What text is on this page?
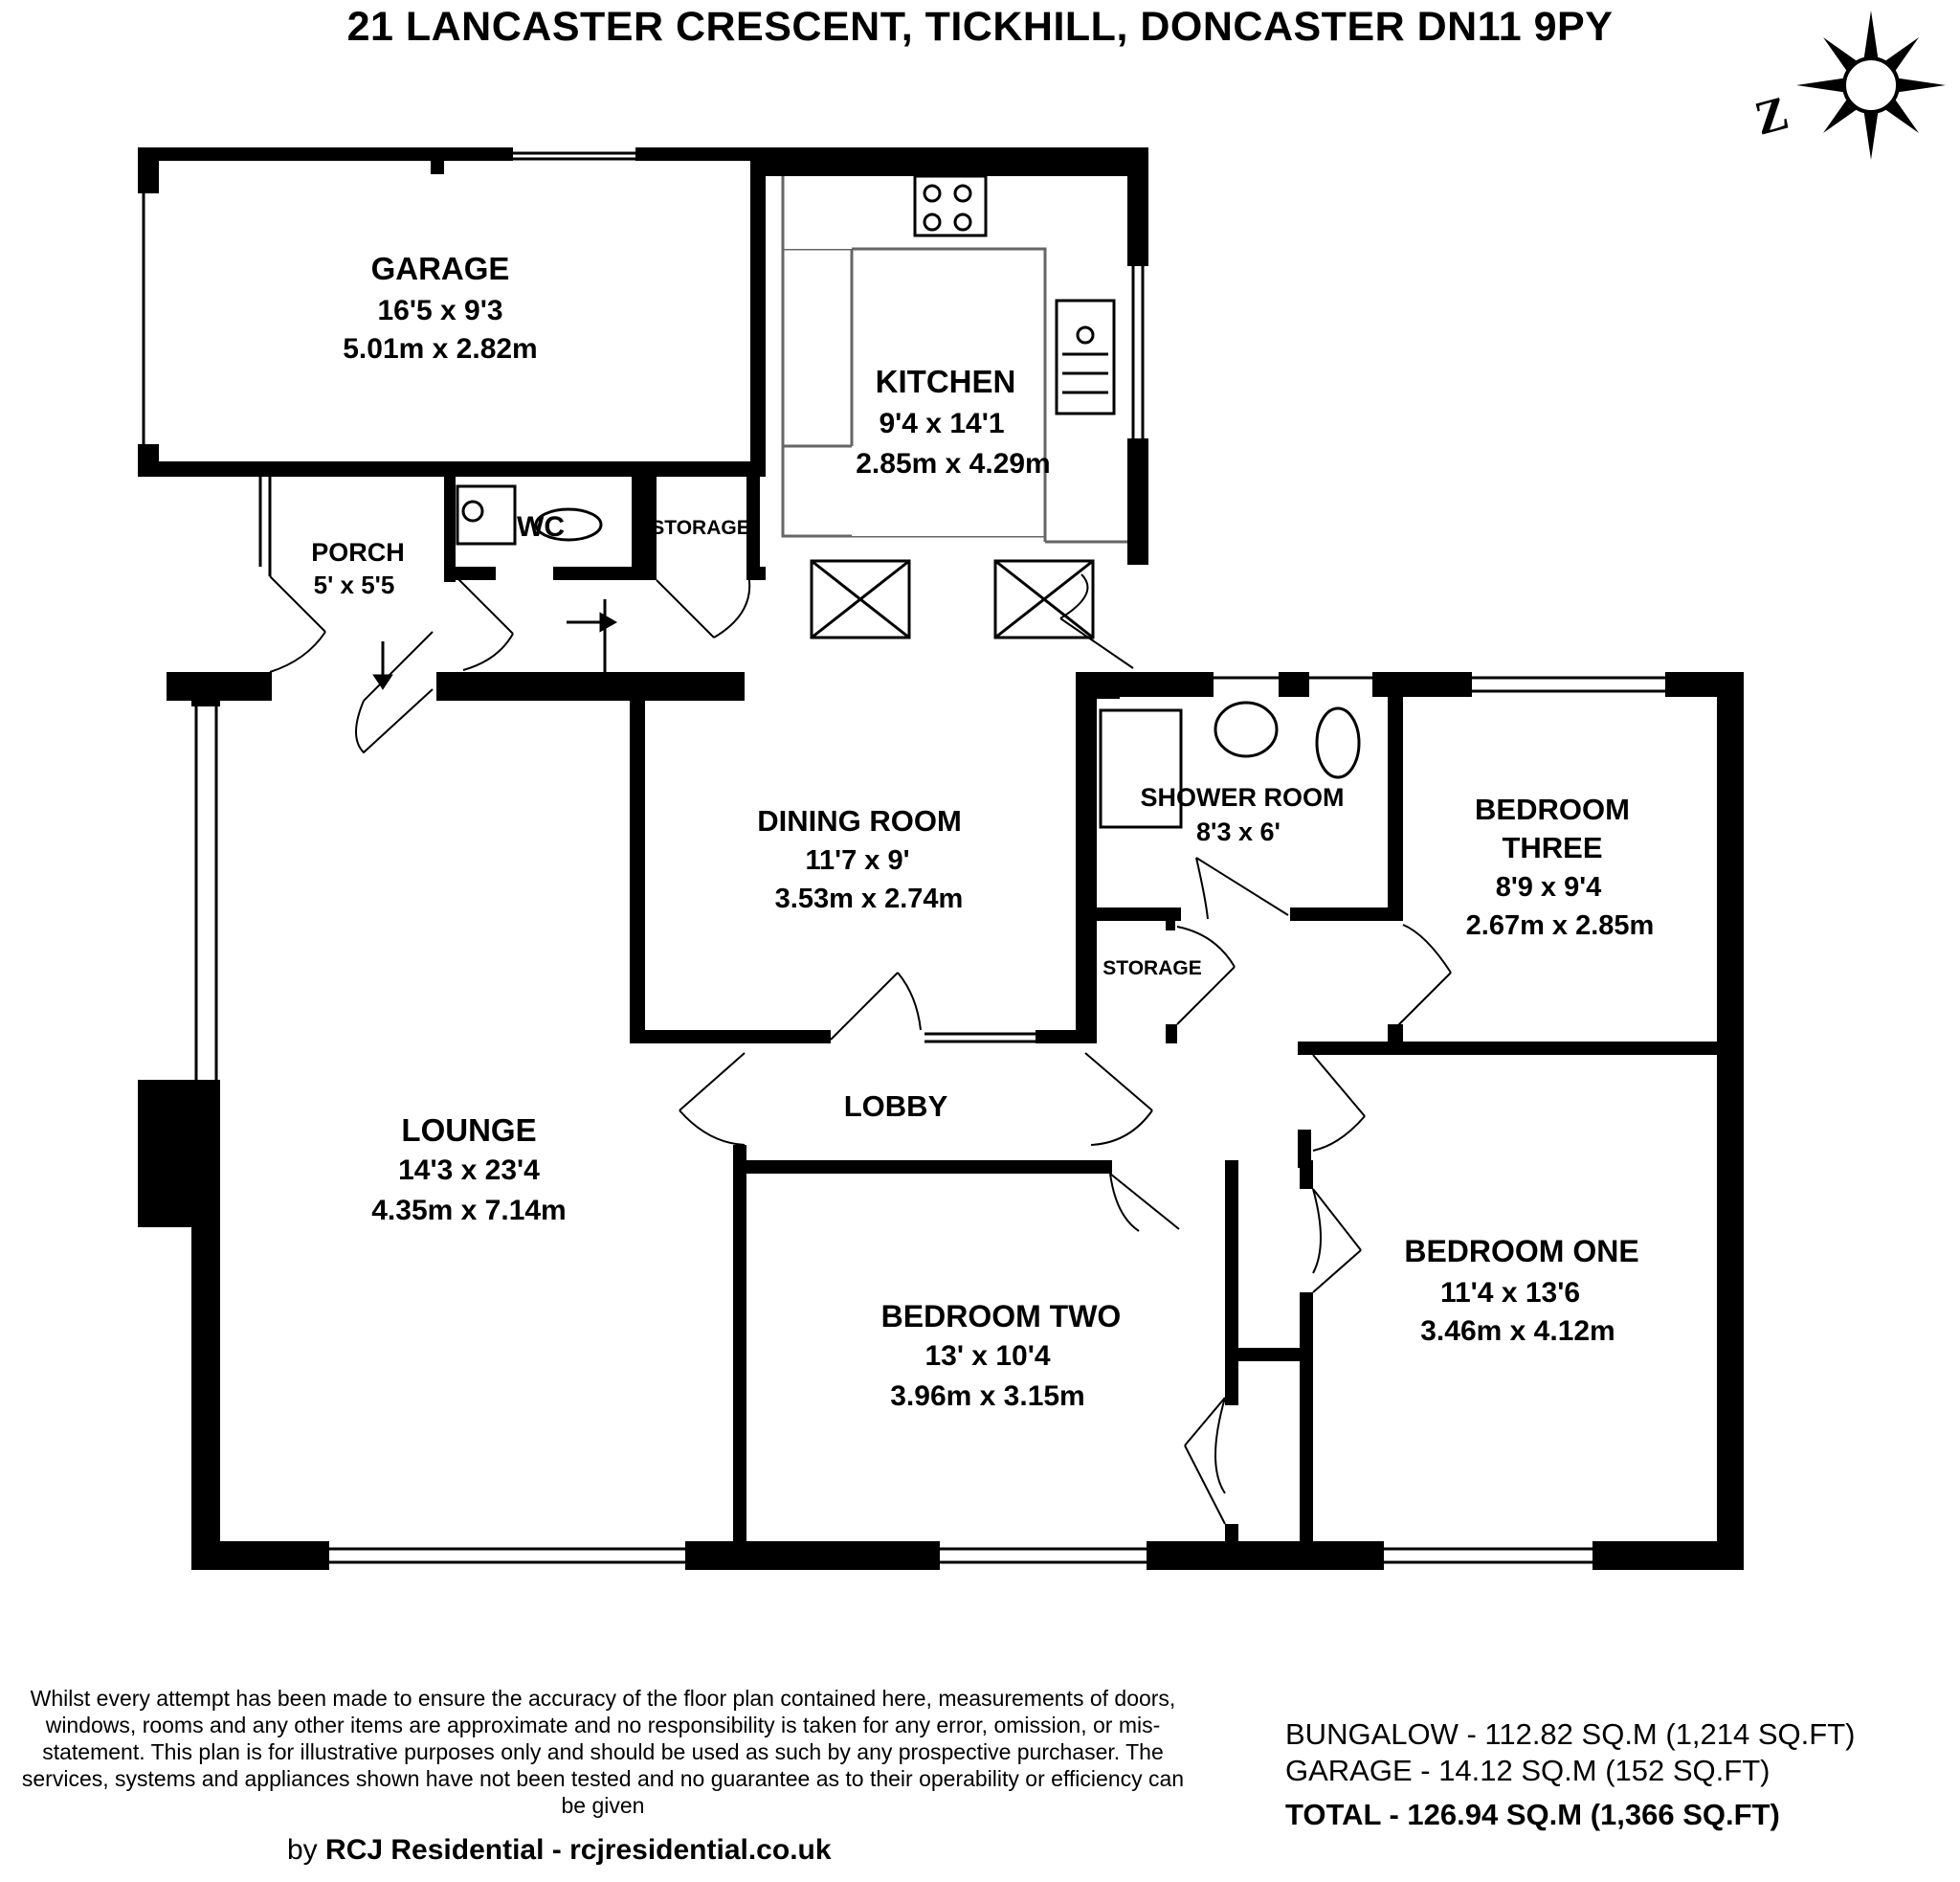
21 LANCASTER CRESCENT, TICKHILL, DONCASTER DN11 9PY
Z
GARAGE
16'5 x 9'3
5.01m x 2.82m
KITCHEN
9'4 x 14'1
2.85m x 4.29m
PORCH
5' x 5'5
WC	STORAGE
DINING ROOM
11'7 x 9'
3.53m x 2.74m
SHOWER ROOM
8'3 x 6'
BEDROOM
THREE
8'9 x 9'4
2.67m x 2.85m
STORAGE
LOBBY
LOUNGE
14'3 x 23'4
4.35m x 7.14m
BEDROOM TWO
13' x 10'4
3.96m x 3.15m
BEDROOM ONE
11'4 x 13'6
3.46m x 4.12m
Whilst every attempt has been made to ensure the accuracy of the floor plan contained here, measurements of doors, windows, rooms and any other items are approximate and no responsibility is taken for any error, omission, or mis-statement. This plan is for illustrative purposes only and should be used as such by any prospective purchaser. The services, systems and appliances shown have not been tested and no guarantee as to their operability or efficiency can be given
by RCJ Residential - rcjresidential.co.uk
BUNGALOW - 112.82 SQ.M (1,214 SQ.FT)
GARAGE - 14.12 SQ.M (152 SQ.FT)
TOTAL - 126.94 SQ.M (1,366 SQ.FT)
